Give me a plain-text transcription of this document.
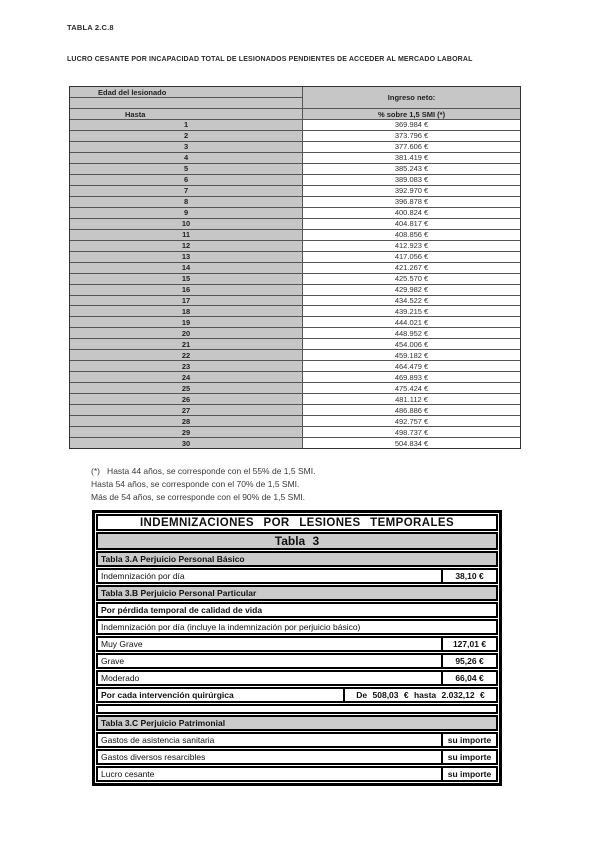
TABLA 2.C.8
LUCRO CESANTE POR INCAPACIDAD TOTAL DE LESIONADOS PENDIENTES DE ACCEDER AL MERCADO LABORAL
Edad del lesionado
Hasta
Ingreso neto:
% sobre 1,5 SMI (*)
1	369.984 €
2	373.796 €
3	377.606 €
4	381.419 €
5	385.243 €
6	389.083 €
7	392.970 €
8	396.878 €
9	400.824 €
10	404.817 €
11	408.856 €
12	412.923 €
13	417.056 €
14	421.267 €
15	425.570 €
16	429.982 €
17	434.522 €
18	439.215 €
19	444.021 €
20	448.952 €
21	454.006 €
22	459.182 €
23	464.479 €
24	469.893 €
25	475.424 €
26	481.112 €
27	486.886 €
28	492.757 €
29	498.737 €
30	504.834 €
(*)   Hasta 44 años, se corresponde con el 55% de 1,5 SMI.
Hasta 54 años, se corresponde con el 70% de 1,5 SMI.
Más de 54 años, se corresponde con el 90% de 1,5 SMI.
INDEMNIZACIONES POR LESIONES TEMPORALES
Tabla 3
Tabla 3.A Perjuicio Personal Básico
Indemnización por día	38,10 €
Tabla 3.B Perjuicio Personal Particular
Por pérdida temporal de calidad de vida
Indemnización por día (incluye la indemnización por perjuicio básico)
Muy Grave	127,01 €
Grave	95,26 €
Moderado	66,04 €
Por cada intervención quirúrgica	De 508,03 € hasta 2.032,12 €
Tabla 3.C Perjuicio Patrimonial
Gastos de asistencia sanitaria	su importe
Gastos diversos resarcibles	su importe
Lucro cesante	su importe
